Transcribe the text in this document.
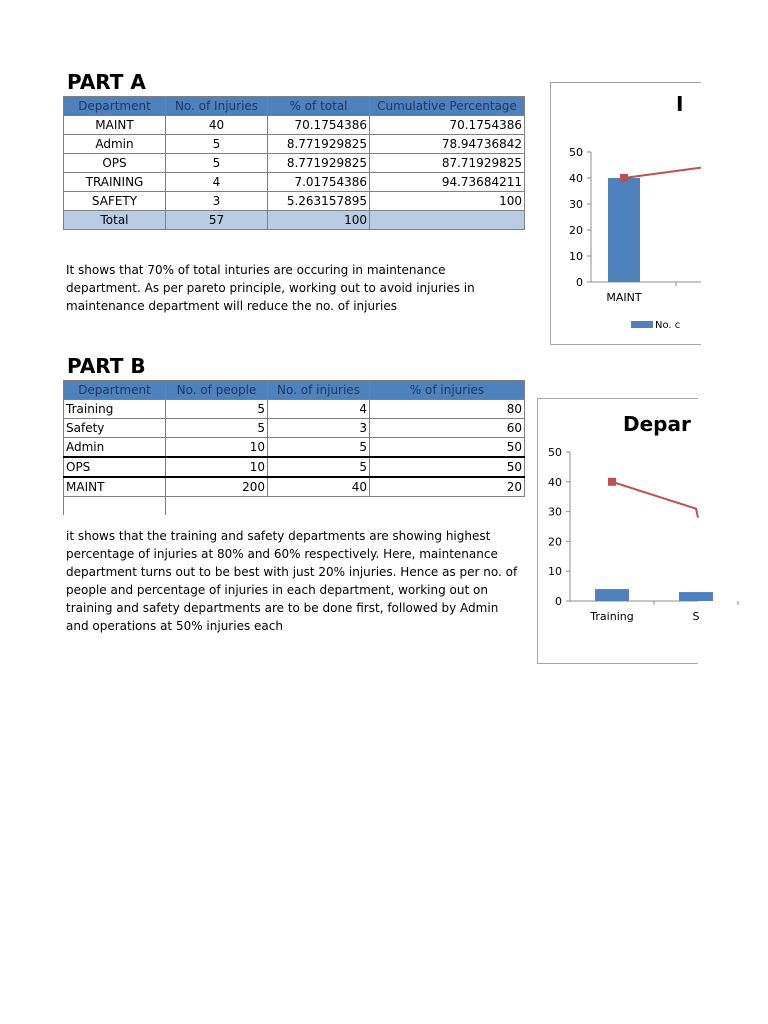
PART A
Department	No. of Injuries	% of total	Cumulative Percentage
MAINT	40	70.1754386	70.1754386
Admin	5	8.771929825	78.94736842
OPS	5	8.771929825	87.71929825
TRAINING	4	7.01754386	94.73684211
SAFETY	3	5.263157895	100
Total	57	100	

It shows that 70% of total inturies are occuring in maintenance department. As per pareto principle, working out to avoid injuries in maintenance department will reduce the no. of injuries

I
0
10
20
30
40
50
MAINT
No. c
PART B
Department	No. of people	No. of injuries	% of injuries
Training	5	4	80
Safety	5	3	60
Admin	10	5	50
OPS	10	5	50
MAINT	200	40	20

it shows that the training and safety departments are showing highest percentage of injuries at 80% and 60% respectively. Here, maintenance department turns out to be best with just 20% injuries. Hence as per no. of people and percentage of injuries in each department, working out on training and safety departments are to be done first, followed by Admin and operations at 50% injuries each

Depar
0
10
20
30
40
50
Training	S
